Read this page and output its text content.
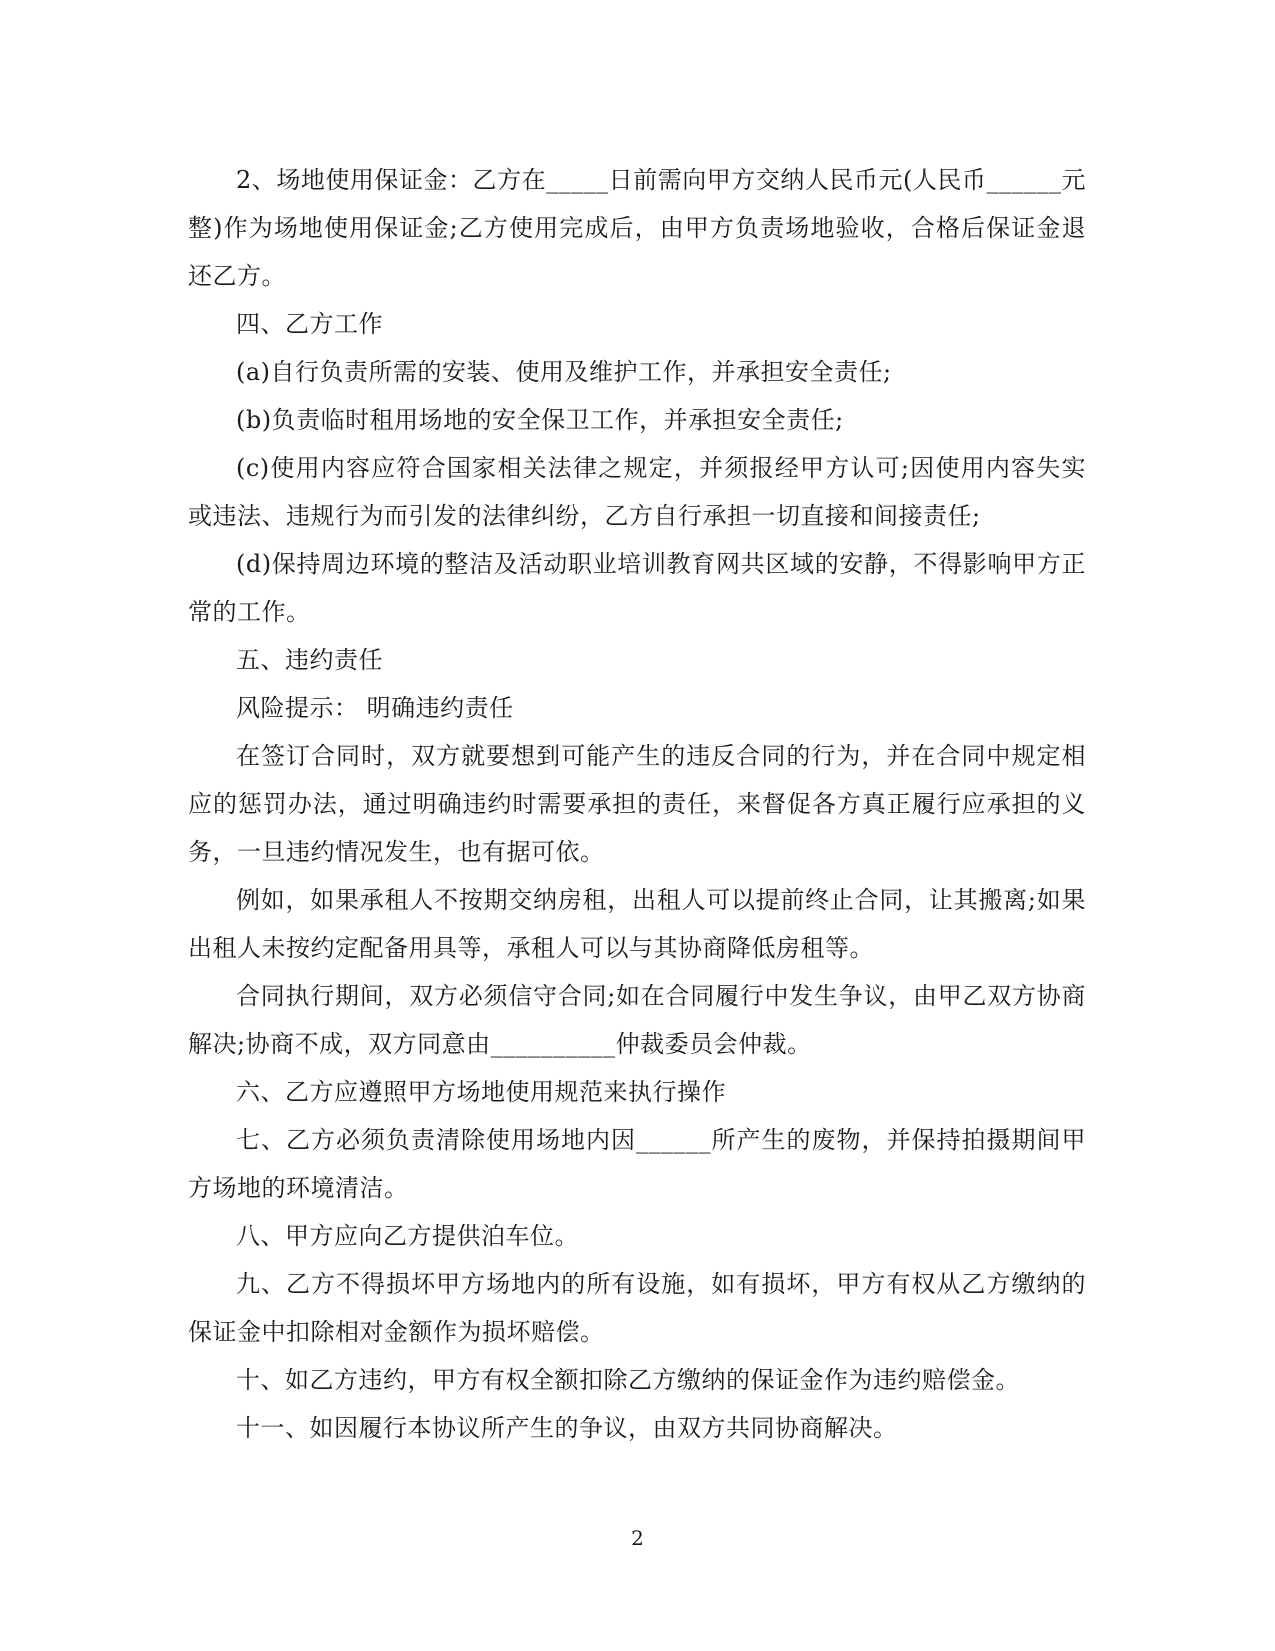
2、场地使用保证金：乙方在_____日前需向甲方交纳人民币元(人民币______元整)作为场地使用保证金;乙方使用完成后，由甲方负责场地验收，合格后保证金退还乙方。

四、乙方工作

(a)自行负责所需的安装、使用及维护工作，并承担安全责任;

(b)负责临时租用场地的安全保卫工作，并承担安全责任;

(c)使用内容应符合国家相关法律之规定，并须报经甲方认可;因使用内容失实或违法、违规行为而引发的法律纠纷，乙方自行承担一切直接和间接责任;

(d)保持周边环境的整洁及活动职业培训教育网共区域的安静，不得影响甲方正常的工作。

五、违约责任

风险提示： 明确违约责任

在签订合同时，双方就要想到可能产生的违反合同的行为，并在合同中规定相应的惩罚办法，通过明确违约时需要承担的责任，来督促各方真正履行应承担的义务，一旦违约情况发生，也有据可依。

例如，如果承租人不按期交纳房租，出租人可以提前终止合同，让其搬离;如果出租人未按约定配备用具等，承租人可以与其协商降低房租等。

合同执行期间，双方必须信守合同;如在合同履行中发生争议，由甲乙双方协商解决;协商不成，双方同意由__________仲裁委员会仲裁。

六、乙方应遵照甲方场地使用规范来执行操作

七、乙方必须负责清除使用场地内因______所产生的废物，并保持拍摄期间甲方场地的环境清洁。

八、甲方应向乙方提供泊车位。

九、乙方不得损坏甲方场地内的所有设施，如有损坏，甲方有权从乙方缴纳的保证金中扣除相对金额作为损坏赔偿。

十、如乙方违约，甲方有权全额扣除乙方缴纳的保证金作为违约赔偿金。

十一、如因履行本协议所产生的争议，由双方共同协商解决。

2
